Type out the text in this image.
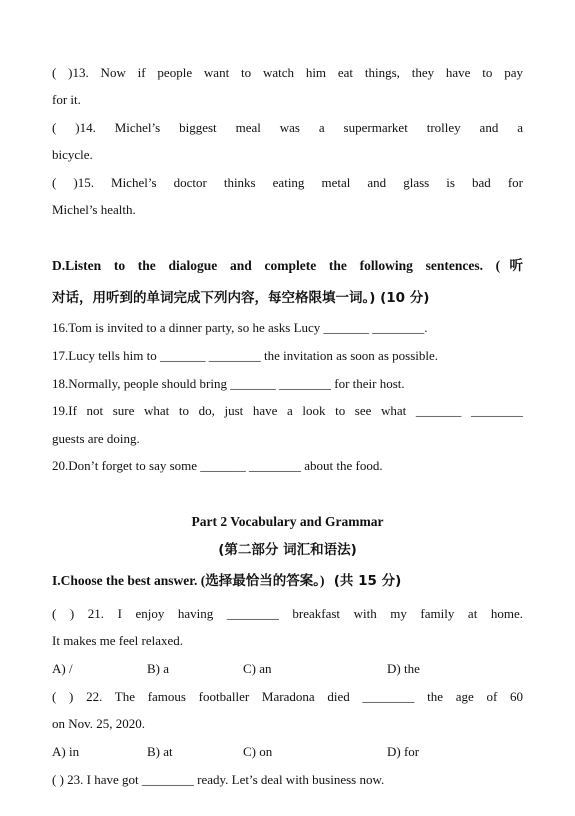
( )13. Now if people want to watch him eat things, they have to pay
for it.
( )14. Michel’s biggest meal was a supermarket trolley and a
bicycle.
( )15. Michel’s doctor thinks eating metal and glass is bad for
Michel’s health.
D.Listen to the dialogue and complete the following sentences. (听
对话，用听到的单词完成下列内容，每空格限填一词。) (10 分)
16.Tom is invited to a dinner party, so he asks Lucy _______ ________.
17.Lucy tells him to _______ ________ the invitation as soon as possible.
18.Normally, people should bring _______ ________ for their host.
19.If not sure what to do, just have a look to see what _______ ________
guests are doing.
20.Don’t forget to say some _______ ________ about the food.
Part 2 Vocabulary and Grammar
(第二部分 词汇和语法)
I.Choose the best answer. (选择最恰当的答案。) (共 15 分)
( ) 21. I enjoy having ________ breakfast with my family at home.
It makes me feel relaxed.
A) /	B) a	C) an	D) the
( ) 22. The famous footballer Maradona died ________ the age of 60
on Nov. 25, 2020.
A) in	B) at	C) on	D) for
( ) 23. I have got ________ ready. Let’s deal with business now.
